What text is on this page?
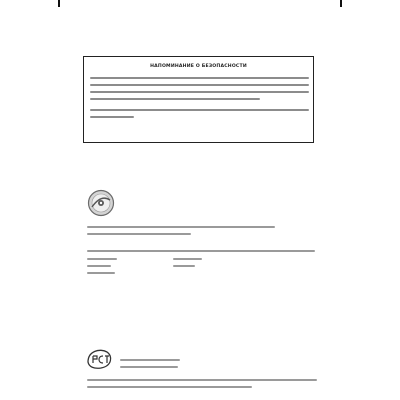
НАПОМИНАНИЕ О БЕЗОПАСНОСТИ
